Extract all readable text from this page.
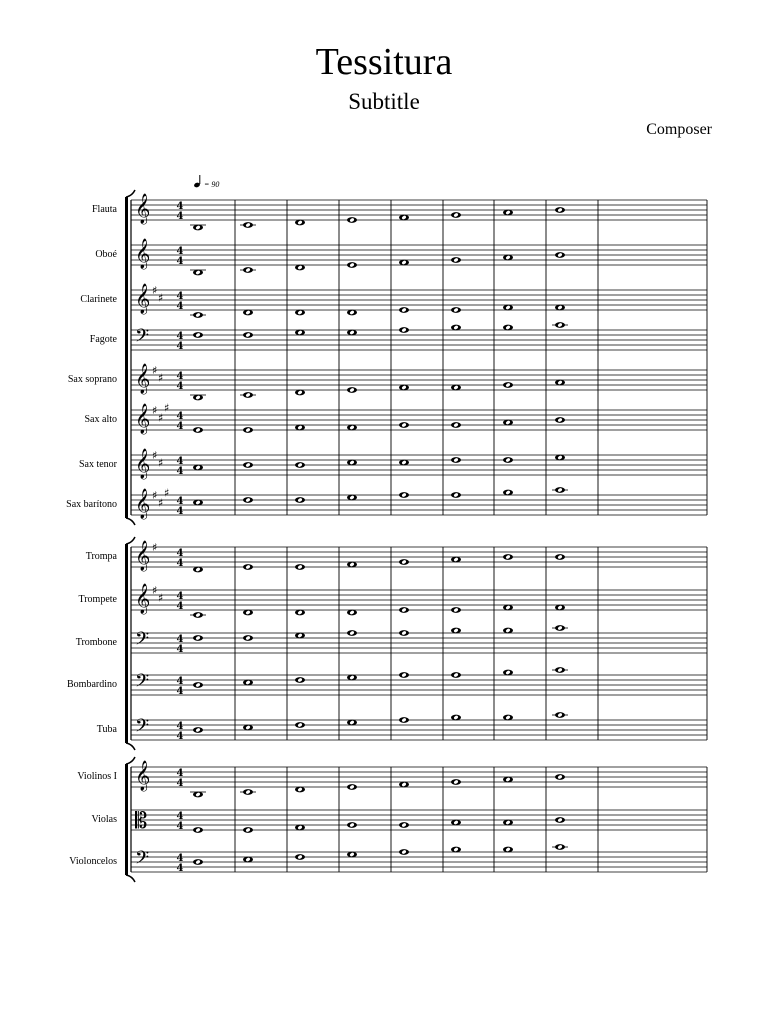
Tessitura
Subtitle
Composer
= 90
Flauta 𝄞	4
4
Oboé 𝄞	4
4
Clarinete 𝄞 ♯
♯ 4
4
Fagote 𝄢	4
4
Sax soprano 𝄞 ♯
♯ 4
4
Sax alto 𝄞 ♯
♯
♯
4
4
Sax tenor 𝄞 ♯
♯ 4
4
Sax barítono 𝄞 ♯
♯
♯
4
4
Trompa 𝄞 ♯ 4
4
Trompete 𝄞 ♯
♯ 4
4
Trombone 𝄢	4
4
Bombardino 𝄢	4
4
Tuba 𝄢	4
4
Violinos I 𝄞	4
4
Violas 𝄡	4
4
Violoncelos 𝄢	4
4
